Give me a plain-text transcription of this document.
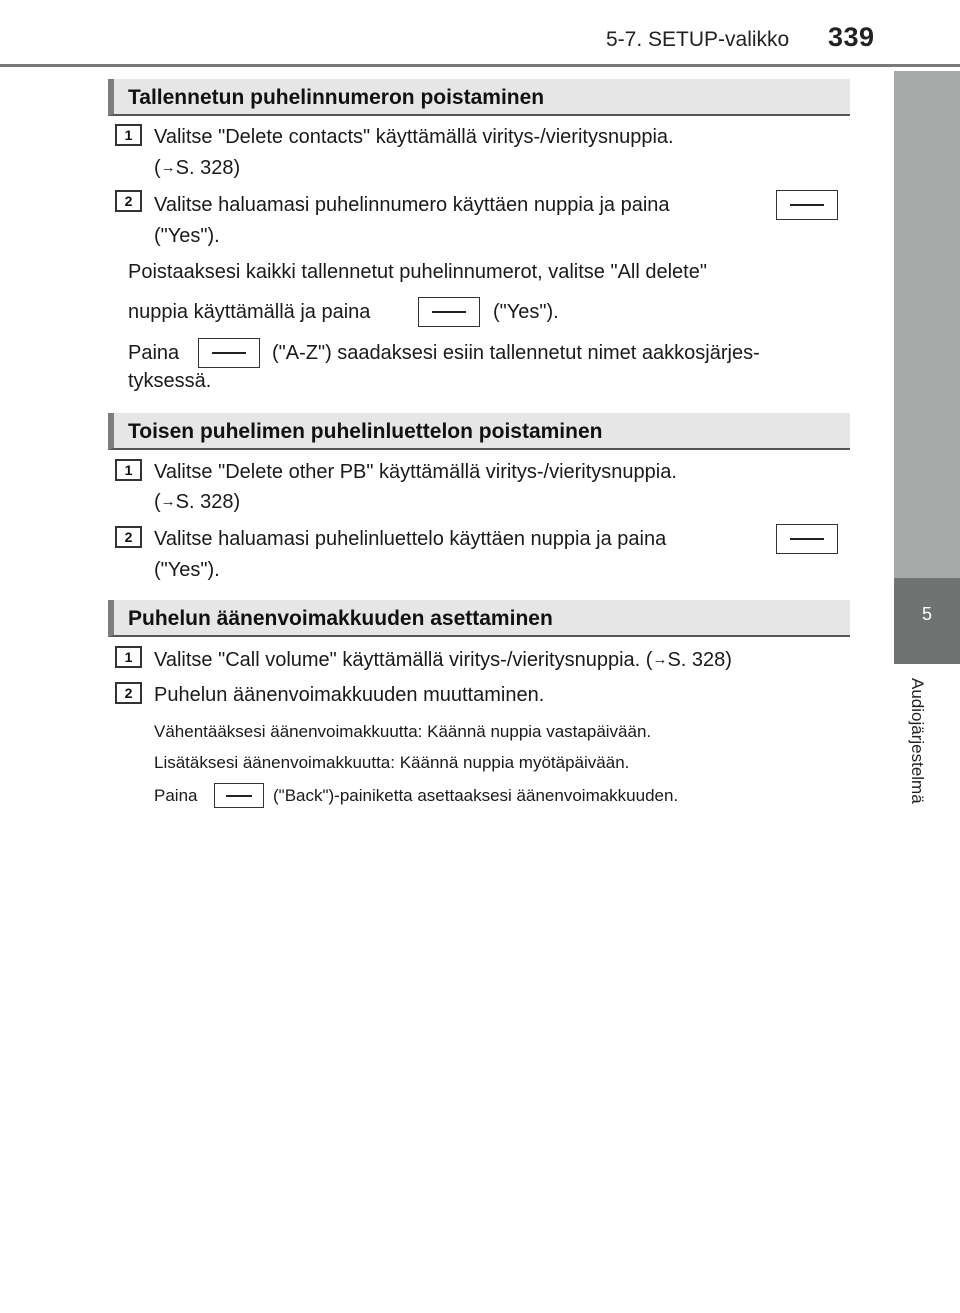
5-7. SETUP-valikko 339
5
Audiojärjestelmä
Tallennetun puhelinnumeron poistaminen
1	Valitse "Delete contacts" käyttämällä viritys-/vieritysnuppia.
(→S. 328)
2	Valitse haluamasi puhelinnumero käyttäen nuppia ja paina
("Yes").
Poistaaksesi kaikki tallennetut puhelinnumerot, valitse "All delete"
nuppia käyttämällä ja paina	("Yes").
Paina	("A-Z") saadaksesi esiin tallennetut nimet aakkosjärjes-
tyksessä.
Toisen puhelimen puhelinluettelon poistaminen
1	Valitse "Delete other PB" käyttämällä viritys-/vieritysnuppia.
(→S. 328)
2	Valitse haluamasi puhelinluettelo käyttäen nuppia ja paina
("Yes").
Puhelun äänenvoimakkuuden asettaminen
1	Valitse "Call volume" käyttämällä viritys-/vieritysnuppia. (→S. 328)
2	Puhelun äänenvoimakkuuden muuttaminen.
Vähentääksesi äänenvoimakkuutta: Käännä nuppia vastapäivään.
Lisätäksesi äänenvoimakkuutta: Käännä nuppia myötäpäivään.
Paina	("Back")-painiketta asettaaksesi äänenvoimakkuuden.
